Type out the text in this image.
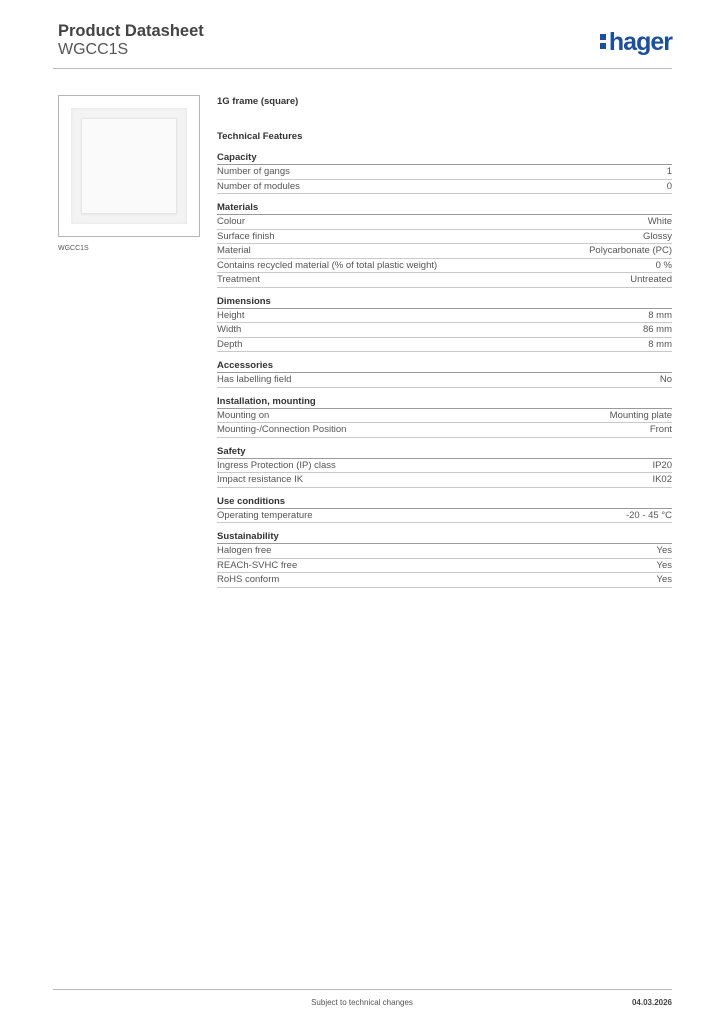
Product Datasheet
WGCC1S	hager
WGCC1S
1G frame (square)
Technical Features
Capacity
Number of gangs	1
Number of modules	0
Materials
Colour	White
Surface finish	Glossy
Material	Polycarbonate (PC)
Contains recycled material (% of total plastic weight)	0 %
Treatment	Untreated
Dimensions
Height	8 mm
Width	86 mm
Depth	8 mm
Accessories
Has labelling field	No
Installation, mounting
Mounting on	Mounting plate
Mounting-/Connection Position	Front
Safety
Ingress Protection (IP) class	IP20
Impact resistance IK	IK02
Use conditions
Operating temperature	-20 - 45 °C
Sustainability
Halogen free	Yes
REACh-SVHC free	Yes
RoHS conform	Yes
Subject to technical changes	04.03.2026
